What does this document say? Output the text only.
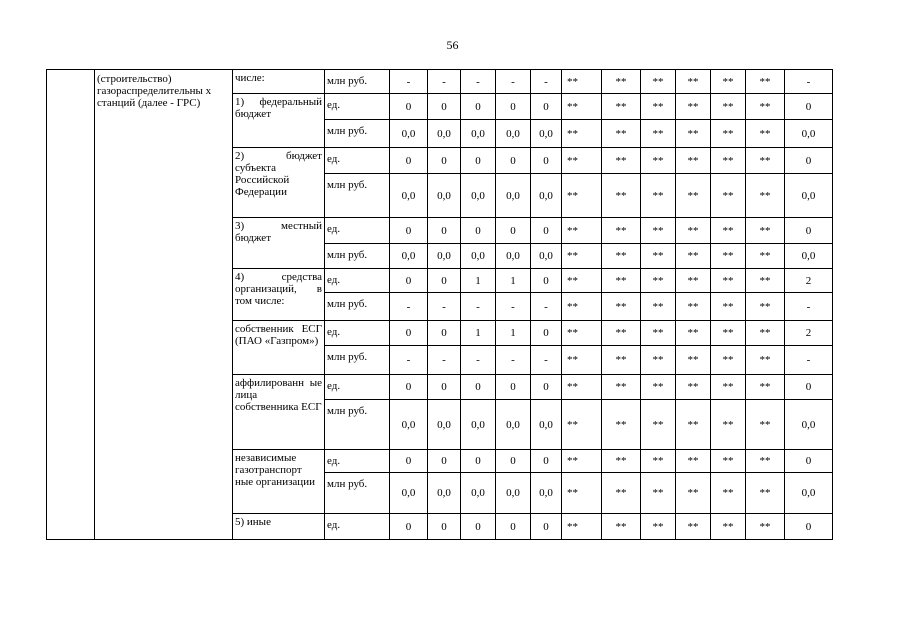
56
	(строительство) газораспределительны х станций (далее - ГРС)	числе:	млн руб.	-	-	-	-	-	**	**	**	**	**	**	-
		1) федеральный бюджет	ед.	0	0	0	0	0	**	**	**	**	**	**	0
			млн руб.	0,0	0,0	0,0	0,0	0,0	**	**	**	**	**	**	0,0
		2) бюджет субъекта Российской Федерации	ед.	0	0	0	0	0	**	**	**	**	**	**	0
			млн руб.	0,0	0,0	0,0	0,0	0,0	**	**	**	**	**	**	0,0
		3) местный бюджет	ед.	0	0	0	0	0	**	**	**	**	**	**	0
			млн руб.	0,0	0,0	0,0	0,0	0,0	**	**	**	**	**	**	0,0
		4) средства организаций, в том числе:	ед.	0	0	1	1	0	**	**	**	**	**	**	2
			млн руб.	-	-	-	-	-	**	**	**	**	**	**	-
		собственник ЕСГ (ПАО «Газпром»)	ед.	0	0	1	1	0	**	**	**	**	**	**	2
			млн руб.	-	-	-	-	-	**	**	**	**	**	**	-
		аффилированн ые лица собственника ЕСГ	ед.	0	0	0	0	0	**	**	**	**	**	**	0
			млн руб.	0,0	0,0	0,0	0,0	0,0	**	**	**	**	**	**	0,0
		независимые газотранспорт ные организации	ед.	0	0	0	0	0	**	**	**	**	**	**	0
			млн руб.	0,0	0,0	0,0	0,0	0,0	**	**	**	**	**	**	0,0
		5) иные	ед.	0	0	0	0	0	**	**	**	**	**	**	0
